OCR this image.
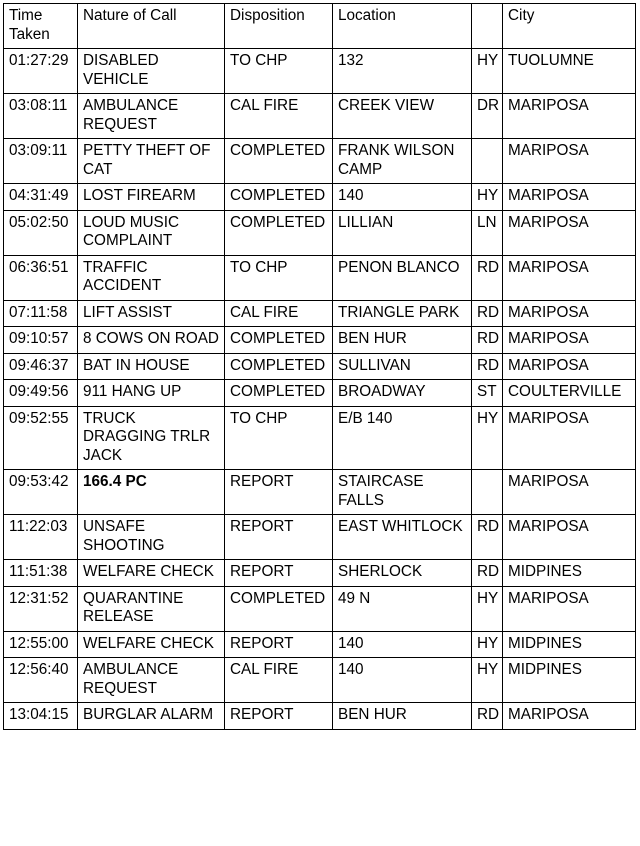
Time Taken	Nature of Call	Disposition	Location		City
01:27:29	DISABLED VEHICLE	TO CHP	132	HY	TUOLUMNE
03:08:11	AMBULANCE REQUEST	CAL FIRE	CREEK VIEW	DR	MARIPOSA
03:09:11	PETTY THEFT OF CAT	COMPLETED	FRANK WILSON CAMP		MARIPOSA
04:31:49	LOST FIREARM	COMPLETED	140	HY	MARIPOSA
05:02:50	LOUD MUSIC COMPLAINT	COMPLETED	LILLIAN	LN	MARIPOSA
06:36:51	TRAFFIC ACCIDENT	TO CHP	PENON BLANCO	RD	MARIPOSA
07:11:58	LIFT ASSIST	CAL FIRE	TRIANGLE PARK	RD	MARIPOSA
09:10:57	8 COWS ON ROAD	COMPLETED	BEN HUR	RD	MARIPOSA
09:46:37	BAT IN HOUSE	COMPLETED	SULLIVAN	RD	MARIPOSA
09:49:56	911 HANG UP	COMPLETED	BROADWAY	ST	COULTERVILLE
09:52:55	TRUCK DRAGGING TRLR JACK	TO CHP	E/B 140	HY	MARIPOSA
09:53:42	166.4 PC	REPORT	STAIRCASE FALLS		MARIPOSA
11:22:03	UNSAFE SHOOTING	REPORT	EAST WHITLOCK	RD	MARIPOSA
11:51:38	WELFARE CHECK	REPORT	SHERLOCK	RD	MIDPINES
12:31:52	QUARANTINE RELEASE	COMPLETED	49 N	HY	MARIPOSA
12:55:00	WELFARE CHECK	REPORT	140	HY	MIDPINES
12:56:40	AMBULANCE REQUEST	CAL FIRE	140	HY	MIDPINES
13:04:15	BURGLAR ALARM	REPORT	BEN HUR	RD	MARIPOSA
